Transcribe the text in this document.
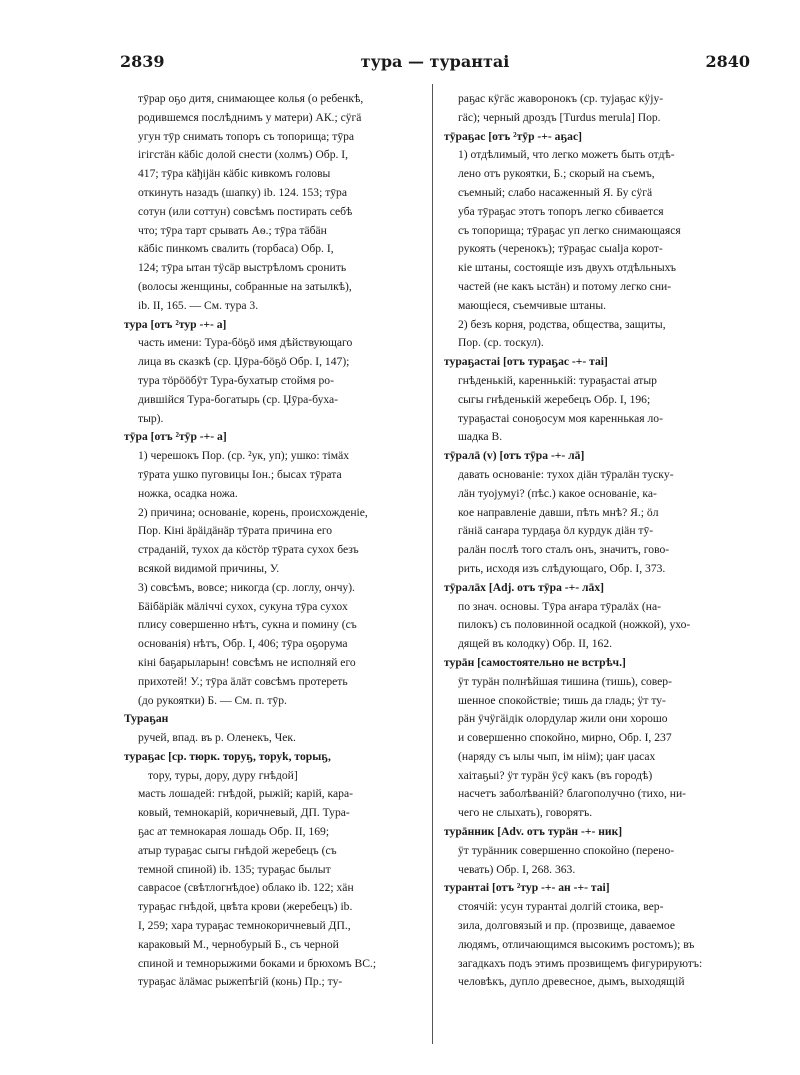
2839	тура — турантаі	2840
тӯрар оҕо дитя, снимающее колья (о ребенкѣ,
родившемся послѣднимъ у матери) АК.; сӱгä
угун тӯр снимать топоръ съ топорища; тӯра
ігігстäн кäбіс долой снести (холмъ) Обр. І,
417; тӯра кäђіјäн кäбіс кивкомъ головы
откинуть назадъ (шапку) ib. 124. 153; тӯра
сотун (или соттун) совсѣмъ постирать себѣ
что; тӯра тарт срывать Аѳ.; тӯра тäбäн
кäбіс пинкомъ свалить (торбаса) Обр. І,
124; тӯра ытан тӱсäр выстрѣломъ сронить
(волосы женщины, собранные на затылкѣ),
ib. ІІ, 165. — См. тура 3.
тура [отъ ²тур -+- а]
часть имени: Тура-бӧҕӧ имя дѣйствующаго
лица въ сказкѣ (ср. Џӯра-бӧҕӧ Обр. І, 147);
тура тӧрӧӧбӱт Тура-бухатыр стоймя ро-
дившійся Тура-богатырь (ср. Џӯра-буха-
тыр).
тӯра [отъ ²тӯр -+- а]
1) черешокъ Пор. (ср. ²ук, уп); ушко: тімäх
тӯрата ушко пуговицы Іон.; бысах тӯрата
ножка, осадка ножа.
2) причина; основаніе, корень, происхожденіе,
Пор. Кіні äрäідäнäр тӯрата причина его
страданій, тухох да кӧстӧр тӯрата сухох безъ
всякой видимой причины, У.
3) совсѣмъ, вовсе; никогда (ср. логлу, ончу).
Бäібäріäк мäліччі сухох, сукуна тӯра сухох
плису совершенно нѣтъ, сукна и помину (съ
основанія) нѣтъ, Обр. І, 406; тӯра оҕорума
кіні баҕарыларын! совсѣмъ не исполняй его
прихотей! У.; тӯра äлäт совсѣмъ протереть
(до рукоятки) Б. — См. п. тӯр.
Тураҕан
ручей, впад. въ р. Оленекъ, Чек.
тураҕас [ср. тюрк. торуҕ, торуk, торыҕ,
тору, туры, дору, дуру гнѣдой]
масть лошадей: гнѣдой, рыжій; карій, кара-
ковый, темнокарій, коричневый, ДП. Тура-
ҕас ат темнокарая лошадь Обр. ІІ, 169;
атыр тураҕас сыгы гнѣдой жеребецъ (съ
темной спиной) ib. 135; тураҕас былыт
саврасое (свѣтлогнѣдое) облако ib. 122; хäн
тураҕас гнѣдой, цвѣта крови (жеребецъ) ib.
І, 259; хара тураҕас темнокоричневый ДП.,
караковый М., чернобурый Б., съ черной
спиной и темнорыжими боками и брюхомъ ВС.;
тураҕас äлäмас рыжепѣгій (конь) Пр.; ту-
раҕас кӱгäс жаворонокъ (ср. тујаҕас кӱју-
гäс); черный дроздъ [Turdus merula] Пор.
тӯраҕас [отъ ²тӯр -+- аҕас]
1) отдѣлимый, что легко можетъ быть отдѣ-
лено отъ рукоятки, Б.; скорый на съемъ,
съемный; слабо насаженный Я. Бу сӱгä
уба тӯраҕас этотъ топоръ легко сбивается
съ топорища; тӯраҕас уп легко снимающаяся
рукоять (черенокъ); тӯраҕас сыаlја корот-
кіе штаны, состоящіе изъ двухъ отдѣльныхъ
частей (не какъ ыстäн) и потому легко сни-
мающіеся, съемчивые штаны.
2) безъ корня, родства, общества, защиты,
Пор. (ср. тоскул).
тураҕастаі [отъ тураҕас -+- таі]
гнѣденькій, кареннькій: тураҕастаі атыр
сыгы гнѣденькій жеребецъ Обр. І, 196;
тураҕастаі соноҕосум моя кареннькая ло-
шадка В.
тӯралā (v) [отъ тӯра -+- лā]
давать основаніе: тухох діäн тӯралäн тускy-
лäн туојумуі? (пѣс.) какое основаніе, ка-
кое направленіе давши, пѣть мнѣ? Я.; ӧл
гäніä саҥара турдаҕа ӧл курдук діäн тӯ-
ралäн послѣ того сталъ онъ, значитъ, гово-
рить, исходя изъ слѣдующаго, Обр. І, 373.
тӯралāх [Adj. отъ тӯра -+- лāх]
по знач. основы. Тӯра аҥара тӯралäх (на-
пилокъ) съ половинной осадкой (ножкой), ухо-
дящей въ колодку) Обр. ІІ, 162.
турāн [самостоятельно не встрѣч.]
ӱт турäн полнѣйшая тишина (тишь), совер-
шенное спокойствіе; тишь да гладь; ӱт ту-
рäн ӱчӱгäідік олордулар жили они хорошо
и совершенно спокойно, мирно, Обр. І, 237
(наряду съ ылы чып, ім ніім); џаҥ џасах
хаітаҕыі? ӱт турäн ӱсӱ какъ (въ городѣ)
насчетъ заболѣваній? благополучно (тихо, ни-
чего не слыхать), говорятъ.
турāнник [Adv. отъ турäн -+- ник]
ӱт турäнник совершенно спокойно (перено-
чевать) Обр. І, 268. 363.
турантаі [отъ ²тур -+- ан -+- таі]
стоячій: усун турантаі долгій стоика, вер-
зила, долговязый и пр. (прозвище, даваемое
людямъ, отличающимся высокимъ ростомъ); въ
загадкахъ подъ этимъ прозвищемъ фигурируютъ:
человѣкъ, дупло древесное, дымъ, выходящій
